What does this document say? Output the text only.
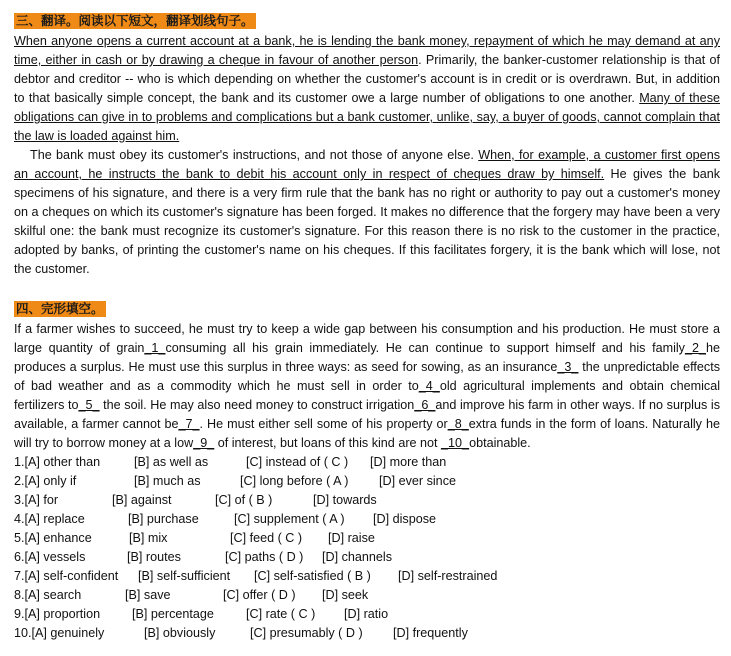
三、翻译。阅读以下短文，翻译划线句子。

When anyone opens a current account at a bank, he is lending the bank money, repayment of which he may demand at any time, either in cash or by drawing a cheque in favour of another person. Primarily, the banker-customer relationship is that of debtor and creditor -- who is which depending on whether the customer's account is in credit or is overdrawn. But, in addition to that basically simple concept, the bank and its customer owe a large number of obligations to one another. Many of these obligations can give in to problems and complications but a bank customer, unlike, say, a buyer of goods, cannot complain that the law is loaded against him.

The bank must obey its customer's instructions, and not those of anyone else. When, for example, a customer first opens an account, he instructs the bank to debit his account only in respect of cheques draw by himself. He gives the bank specimens of his signature, and there is a very firm rule that the bank has no right or authority to pay out a customer's money on a cheques on which its customer's signature has been forged. It makes no difference that the forgery may have been a very skilful one: the bank must recognize its customer's signature. For this reason there is no risk to the customer in the practice, adopted by banks, of printing the customer's name on his cheques. If this facilitates forgery, it is the bank which will lose, not the customer.

四、完形填空。

If a farmer wishes to succeed, he must try to keep a wide gap between his consumption and his production. He must store a large quantity of grain_1_consuming all his grain immediately. He can continue to support himself and his family_2_he produces a surplus. He must use this surplus in three ways: as seed for sowing, as an insurance_3_ the unpredictable effects of bad weather and as a commodity which he must sell in order to_4_old agricultural implements and obtain chemical fertilizers to_5_ the soil. He may also need money to construct irrigation_6_and improve his farm in other ways. If no surplus is available, a farmer cannot be_7_. He must either sell some of his property or_8_extra funds in the form of loans. Naturally he will try to borrow money at a low_9_ of interest, but loans of this kind are not _10_obtainable.

1.[A] other than	[B] as well as	[C] instead of ( C )	[D] more than
2.[A] only if	[B] much as	[C] long before ( A )	[D] ever since
3.[A] for	[B] against	[C] of ( B )	[D] towards
4.[A] replace	[B] purchase	[C] supplement ( A )	[D] dispose
5.[A] enhance	[B] mix	[C] feed ( C )	[D] raise
6.[A] vessels	[B] routes	[C] paths ( D )	[D] channels
7.[A] self-confident	[B] self-sufficient	[C] self-satisfied ( B )	[D] self-restrained
8.[A] search	[B] save	[C] offer ( D )	[D] seek
9.[A] proportion	[B] percentage	[C] rate ( C )	[D] ratio
10.[A] genuinely	[B] obviously	[C] presumably ( D )	[D] frequently
